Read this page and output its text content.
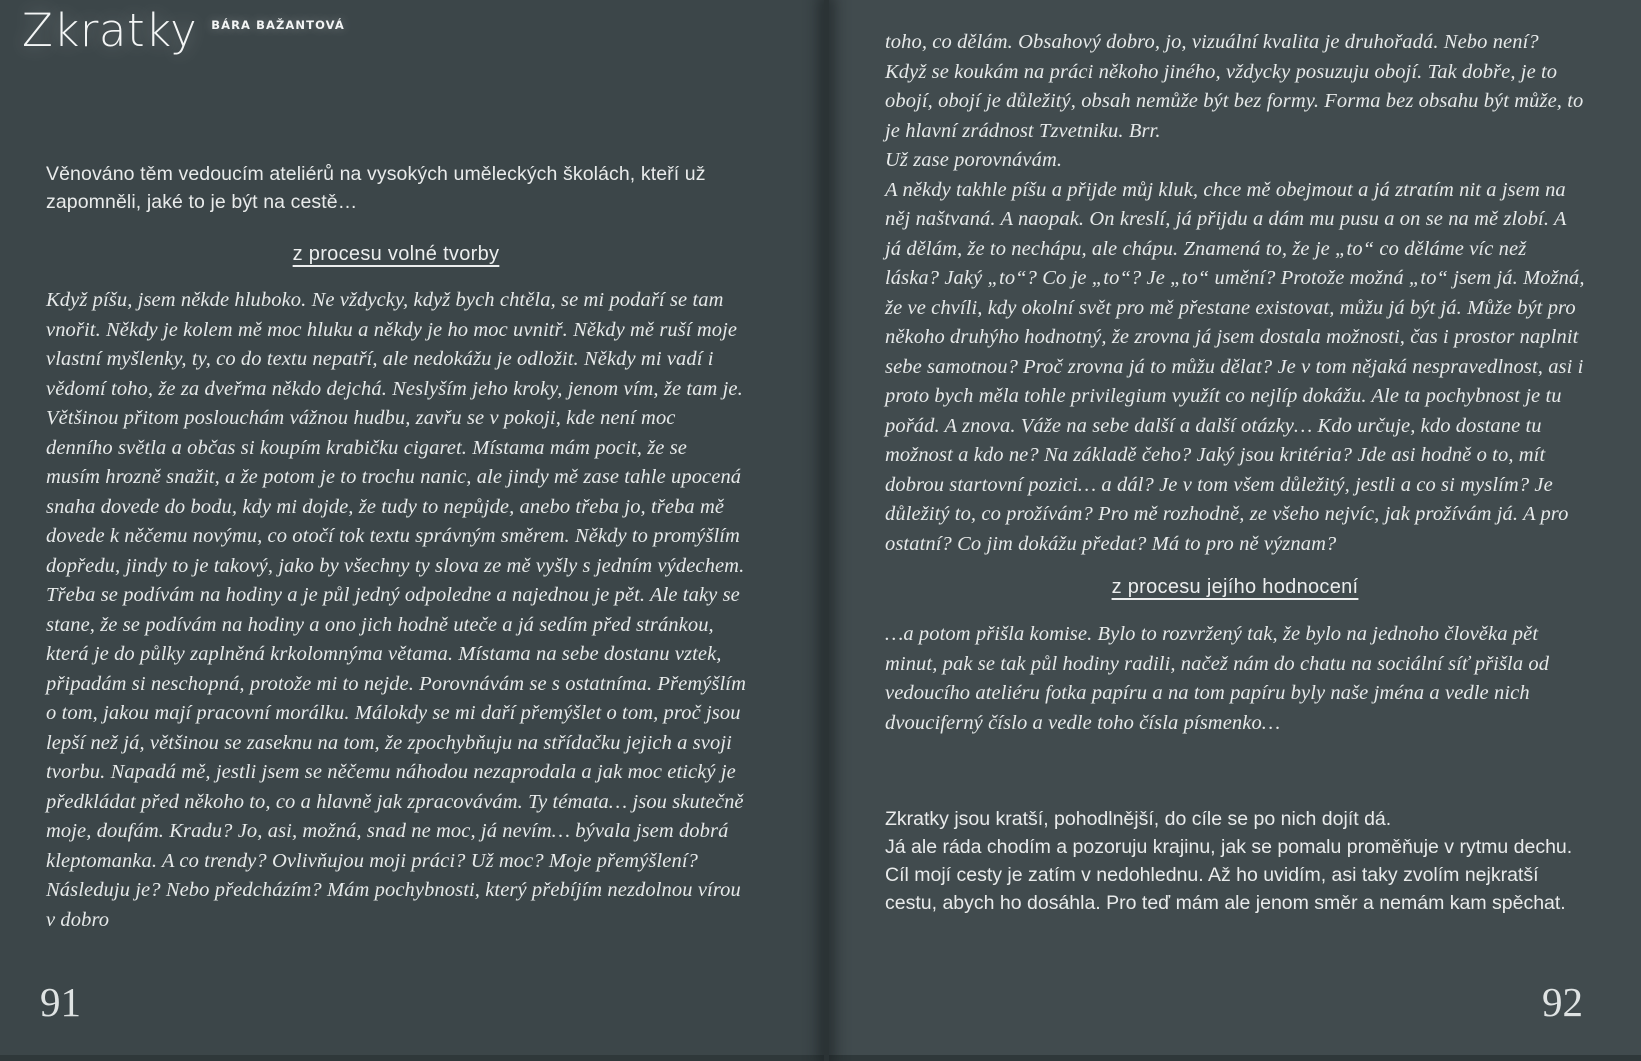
Zkratky BÁRA BAŽANTOVÁ
Věnováno těm vedoucím ateliérů na vysokých uměleckých školách, kteří už zapomněli, jaké to je být na cestě…
z procesu volné tvorby

Když píšu, jsem někde hluboko. Ne vždycky, když bych chtěla, se mi podaří se tam vnořit. Někdy je kolem mě moc hluku a někdy je ho moc uvnitř. Někdy mě ruší moje vlastní myšlenky, ty, co do textu nepatří, ale nedokážu je odložit. Někdy mi vadí i vědomí toho, že za dveřma někdo dejchá. Neslyším jeho kroky, jenom vím, že tam je.

Většinou přitom poslouchám vážnou hudbu, zavřu se v pokoji, kde není moc denního světla a občas si koupím krabičku cigaret. Místama mám pocit, že se musím hrozně snažit, a že potom je to trochu nanic, ale jindy mě zase tahle upocená snaha dovede do bodu, kdy mi dojde, že tudy to nepůjde, anebo třeba jo, třeba mě dovede k něčemu novýmu, co otočí tok textu správným směrem. Někdy to promýšlím dopředu, jindy to je takový, jako by všechny ty slova ze mě vyšly s jedním výdechem.

Třeba se podívám na hodiny a je půl jedný odpoledne a najednou je pět. Ale taky se stane, že se podívám na hodiny a ono jich hodně uteče a já sedím před stránkou, která je do půlky zaplněná krkolomnýma větama. Místama na sebe dostanu vztek, připadám si neschopná, protože mi to nejde. Porovnávám se s ostatníma. Přemýšlím o tom, jakou mají pracovní morálku. Málokdy se mi daří přemýšlet o tom, proč jsou lepší než já, většinou se zaseknu na tom, že zpochybňuju na střídačku jejich a svoji tvorbu. Napadá mě, jestli jsem se něčemu náhodou nezaprodala a jak moc etický je předkládat před někoho to, co a hlavně jak zpracovávám. Ty témata… jsou skutečně moje, doufám. Kradu? Jo, asi, možná, snad ne moc, já nevím… bývala jsem dobrá kleptomanka. A co trendy? Ovlivňujou moji práci? Už moc? Moje přemýšlení? Následuju je? Nebo předcházím? Mám pochybnosti, který přebíjím nezdolnou vírou v dobro

91

toho, co dělám. Obsahový dobro, jo, vizuální kvalita je druhořadá. Nebo není? Když se koukám na práci někoho jiného, vždycky posuzuju obojí. Tak dobře, je to obojí, obojí je důležitý, obsah nemůže být bez formy. Forma bez obsahu být může, to je hlavní zrádnost Tzvetniku. Brr.

Už zase porovnávám.

A někdy takhle píšu a přijde můj kluk, chce mě obejmout a já ztratím nit a jsem na něj naštvaná. A naopak. On kreslí, já přijdu a dám mu pusu a on se na mě zlobí. A já dělám, že to nechápu, ale chápu. Znamená to, že je „to“ co děláme víc než láska? Jaký „to“? Co je „to“? Je „to“ umění? Protože možná „to“ jsem já. Možná, že ve chvíli, kdy okolní svět pro mě přestane existovat, můžu já být já. Může být pro někoho druhýho hodnotný, že zrovna já jsem dostala možnosti, čas i prostor naplnit sebe samotnou? Proč zrovna já to můžu dělat? Je v tom nějaká nespravedlnost, asi i proto bych měla tohle privilegium využít co nejlíp dokážu. Ale ta pochybnost je tu pořád. A znova. Váže na sebe další a další otázky… Kdo určuje, kdo dostane tu možnost a kdo ne? Na základě čeho? Jaký jsou kritéria? Jde asi hodně o to, mít dobrou startovní pozici… a dál? Je v tom všem důležitý, jestli a co si myslím? Je důležitý to, co prožívám? Pro mě rozhodně, ze všeho nejvíc, jak prožívám já. A pro ostatní? Co jim dokážu předat? Má to pro ně význam?

z procesu jejího hodnocení

…a potom přišla komise. Bylo to rozvržený tak, že bylo na jednoho člověka pět minut, pak se tak půl hodiny radili, načež nám do chatu na sociální síť přišla od vedoucího ateliéru fotka papíru a na tom papíru byly naše jména a vedle nich dvouciferný číslo a vedle toho čísla písmenko…

Zkratky jsou kratší, pohodlnější, do cíle se po nich dojít dá.

Já ale ráda chodím a pozoruju krajinu, jak se pomalu proměňuje v rytmu dechu. Cíl mojí cesty je zatím v nedohlednu. Až ho uvidím, asi taky zvolím nejkratší cestu, abych ho dosáhla. Pro teď mám ale jenom směr a nemám kam spěchat.

92
